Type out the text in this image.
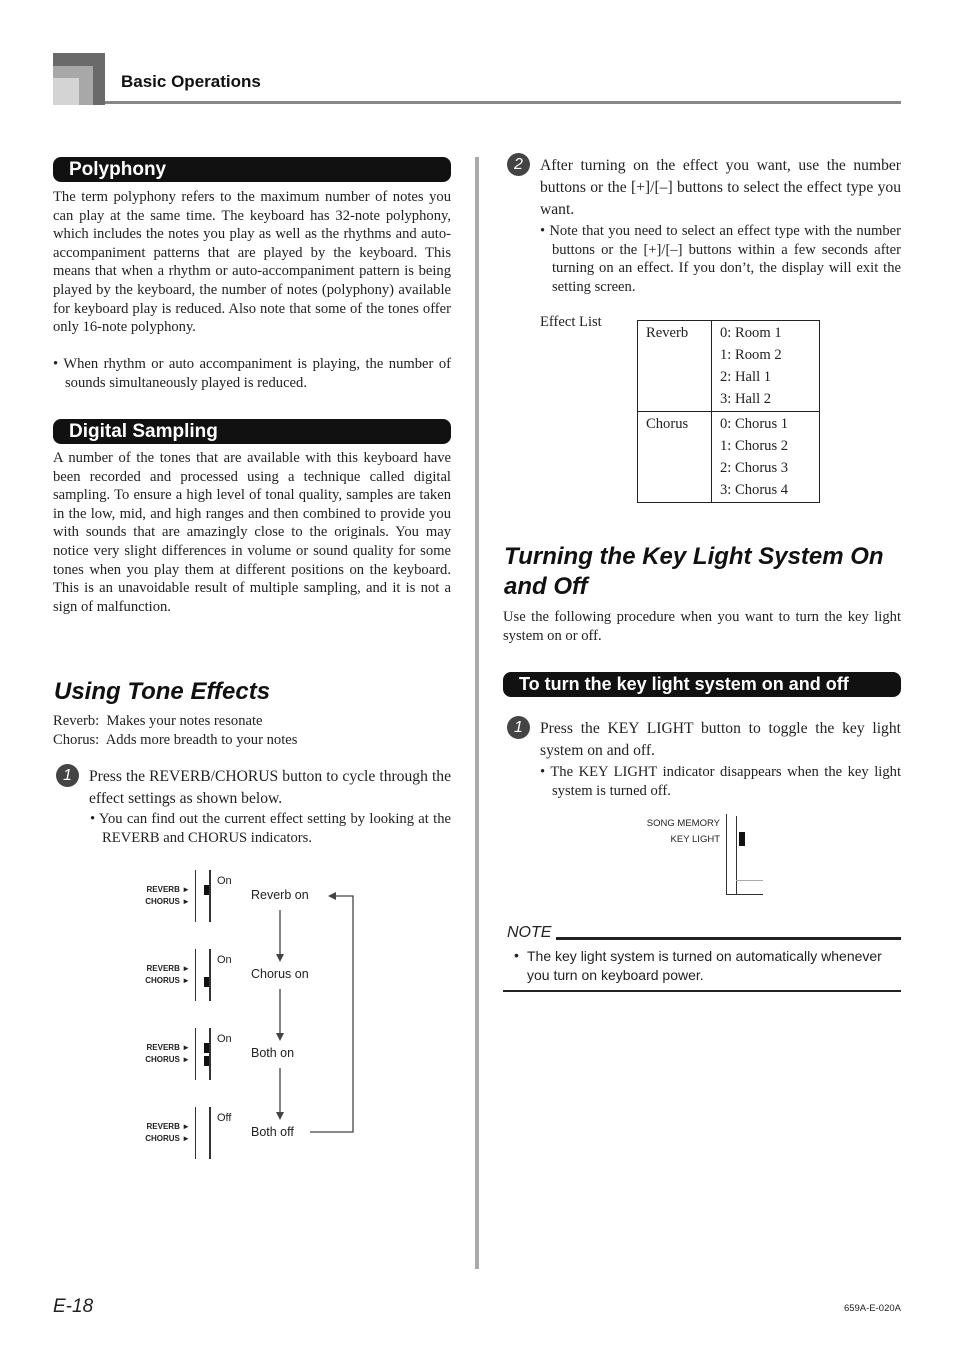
Basic Operations
Polyphony
The term polyphony refers to the maximum number of notes you can play at the same time. The keyboard has 32-note polyphony, which includes the notes you play as well as the rhythms and auto-accompaniment patterns that are played by the keyboard. This means that when a rhythm or auto-accompaniment pattern is being played by the keyboard, the number of notes (polyphony) available for keyboard play is reduced. Also note that some of the tones offer only 16-note polyphony.
• When rhythm or auto accompaniment is playing, the number of sounds simultaneously played is reduced.
Digital Sampling
A number of the tones that are available with this keyboard have been recorded and processed using a technique called digital sampling. To ensure a high level of tonal quality, samples are taken in the low, mid, and high ranges and then combined to provide you with sounds that are amazingly close to the originals. You may notice very slight differences in volume or sound quality for some tones when you play them at different positions on the keyboard. This is an unavoidable result of multiple sampling, and it is not a sign of malfunction.
Using Tone Effects
Reverb:  Makes your notes resonate
Chorus:  Adds more breadth to your notes
1	Press the REVERB/CHORUS button to cycle through the effect settings as shown below.
• You can find out the current effect setting by looking at the REVERB and CHORUS indicators.
REVERB ►
CHORUS ►
On
Reverb on
REVERB ►
CHORUS ►
On
Chorus on
REVERB ►
CHORUS ►
On
Both on
REVERB ►
CHORUS ►
Off
Both off
2	After turning on the effect you want, use the number buttons or the [+]/[–] buttons to select the effect type you want.
• Note that you need to select an effect type with the number buttons or the [+]/[–] buttons within a few seconds after turning on an effect. If you don’t, the display will exit the setting screen.
Effect List
Reverb	0: Room 1
1: Room 2
2: Hall 1
3: Hall 2

Chorus	0: Chorus 1
1: Chorus 2
2: Chorus 3
3: Chorus 4
Turning the Key Light System On
and Off
Use the following procedure when you want to turn the key light system on or off.
To turn the key light system on and off
1	Press the KEY LIGHT button to toggle the key light system on and off.
• The KEY LIGHT indicator disappears when the key light system is turned off.
SONG MEMORY
KEY LIGHT
NOTE
• The key light system is turned on automatically whenever you turn on keyboard power.
E-18	659A-E-020A
